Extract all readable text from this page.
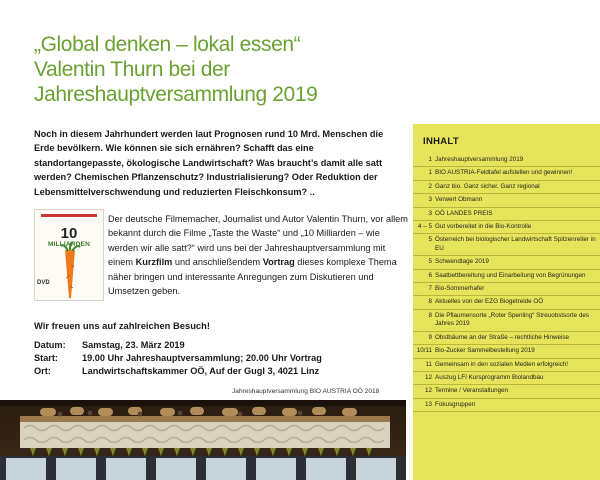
„Global denken – lokal essen“
Valentin Thurn bei der
Jahreshauptversammlung 2019
Noch in diesem Jahrhundert werden laut Prognosen rund 10 Mrd. Menschen die Erde bevölkern. Wie können sie sich ernähren? Schafft das eine standortangepasste, ökologische Landwirtschaft? Was braucht’s damit alle satt werden? Chemischen Pflanzenschutz? Industrialisierung? Oder Reduktion der Lebensmittelverschwendung und reduzierten Fleischkonsum? ..
10
MILLIARDEN
DVD
Der deutsche Filmemacher, Journalist und Autor Valentin Thurn, vor allem bekannt durch die Filme „Taste the Waste“ und „10 Milliarden – wie werden wir alle satt?“ wird uns bei der Jahreshauptversammlung mit einem Kurzfilm und anschließendem Vortrag dieses komplexe Thema näher bringen und interessante Anregungen zum Diskutieren und Umsetzen geben.
Wir freuen uns auf zahlreichen Besuch!
Datum:	Samstag, 23. März 2019
Start:	19.00 Uhr Jahreshauptversammlung; 20.00 Uhr Vortrag
Ort:	Landwirtschaftskammer OÖ, Auf der Gugl 3, 4021 Linz
Jahreshauptversammlung BIO AUSTRIA OÖ 2018
INHALT
1 Jahreshauptversammlung 2019
1 BIO AUSTRIA-Feldtafel aufstellen und gewinnen!
2 Ganz bio. Ganz sicher. Ganz regional
3 Verwert Obmann
3 OÖ LANDES PREIS
4 – 5 Gut vorbereitet in die Bio-Kontrolle
5 Österreich bei biologischer Landwirtschaft Spitzenreiter in EU
5 Schwendtage 2019
6 Saatbettbereitung und Einarbeitung von Begrünungen
7 Bio-Sommerhafer
8 Aktuelles von der EZG Biogetreide OÖ
8 Die Pflaumensorte „Roter Spenling“ Streuobstsorte des Jahres 2019
9 Obstbäume an der Straße – rechtliche Hinweise
10/11 Bio-Zucker Sammelbestellung 2019
11 Gemeinsam in den sozialen Medien erfolgreich!
12 Auszug LFI Kursprogramm Biolandbau
12 Termine / Veranstaltungen
13 Fokusgruppen
